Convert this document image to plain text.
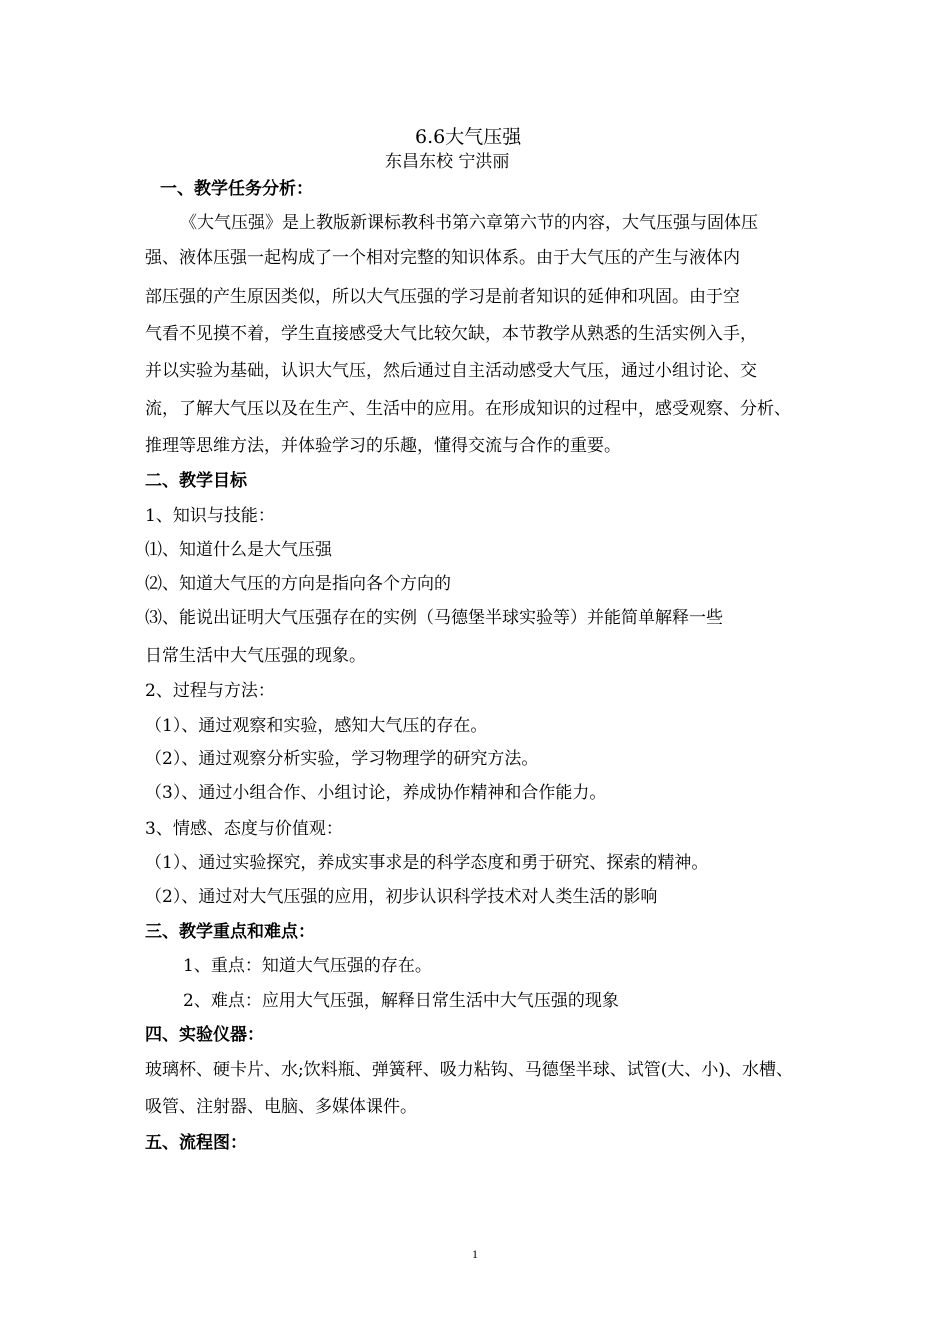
6.6大气压强
东昌东校 宁洪丽
一、教学任务分析：
《大气压强》是上教版新课标教科书第六章第六节的内容，大气压强与固体压
强、液体压强一起构成了一个相对完整的知识体系。由于大气压的产生与液体内
部压强的产生原因类似，所以大气压强的学习是前者知识的延伸和巩固。由于空
气看不见摸不着，学生直接感受大气比较欠缺，本节教学从熟悉的生活实例入手，
并以实验为基础，认识大气压，然后通过自主活动感受大气压，通过小组讨论、交
流，了解大气压以及在生产、生活中的应用。在形成知识的过程中，感受观察、分析、
推理等思维方法，并体验学习的乐趣，懂得交流与合作的重要。
二、教学目标
1、知识与技能：
⑴、知道什么是大气压强
⑵、知道大气压的方向是指向各个方向的
⑶、能说出证明大气压强存在的实例（马德堡半球实验等）并能简单解释一些
日常生活中大气压强的现象。
2、过程与方法：
（1）、通过观察和实验，感知大气压的存在。
（2）、通过观察分析实验，学习物理学的研究方法。
（3）、通过小组合作、小组讨论，养成协作精神和合作能力。
3、情感、态度与价值观：
（1）、通过实验探究，养成实事求是的科学态度和勇于研究、探索的精神。
（2）、通过对大气压强的应用，初步认识科学技术对人类生活的影响
三、教学重点和难点：
1、重点：知道大气压强的存在。
2、难点：应用大气压强，解释日常生活中大气压强的现象
四、实验仪器：
玻璃杯、硬卡片、水;饮料瓶、弹簧秤、吸力粘钩、马德堡半球、试管(大、小)、水槽、
吸管、注射器、电脑、多媒体课件。
五、流程图：
1
